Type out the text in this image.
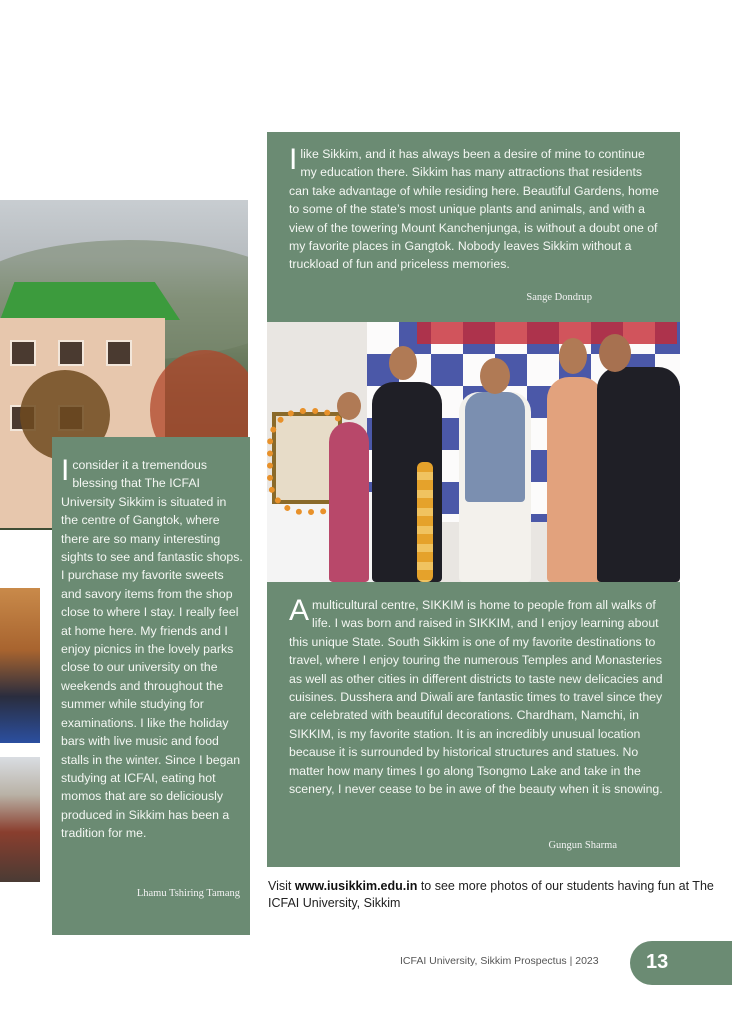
Ilike Sikkim, and it has always been a desire of mine to continue my education there. Sikkim has many attractions that residents can take advantage of while residing here. Beautiful Gardens, home to some of the state’s most unique plants and animals, and with a view of the towering Mount Kanchenjunga, is without a doubt one of my favorite places in Gangtok. Nobody leaves Sikkim without a truckload of fun and priceless memories.
Sange Dondrup
Iconsider it a tremendous blessing that The ICFAI University Sikkim is situated in the centre of Gangtok, where there are so many interesting sights to see and fantastic shops. I purchase my favorite sweets and savory items from the shop close to where I stay. I really feel at home here. My friends and I enjoy picnics in the lovely parks close to our university on the weekends and throughout the summer while studying for examinations. I like the holiday bars with live music and food stalls in the winter. Since I began studying at ICFAI, eating hot momos that are so deliciously produced in Sikkim has been a tradition for me.
Lhamu Tshiring Tamang
Amulticultural centre, SIKKIM is home to people from all walks of life. I was born and raised in SIKKIM, and I enjoy learning about this unique State. South Sikkim is one of my favorite destinations to travel, where I enjoy touring the numerous Temples and Monasteries as well as other cities in different districts to taste new delicacies and cuisines. Dusshera and Diwali are fantastic times to travel since they are celebrated with beautiful decorations. Chardham, Namchi, in SIKKIM, is my favorite station. It is an incredibly unusual location because it is surrounded by historical structures and statues. No matter how many times I go along Tsongmo Lake and take in the scenery, I never cease to be in awe of the beauty when it is snowing.
Gungun Sharma
Visit www.iusikkim.edu.in to see more photos of our students having fun at The ICFAI University, Sikkim
ICFAI University, Sikkim Prospectus | 2023 13
